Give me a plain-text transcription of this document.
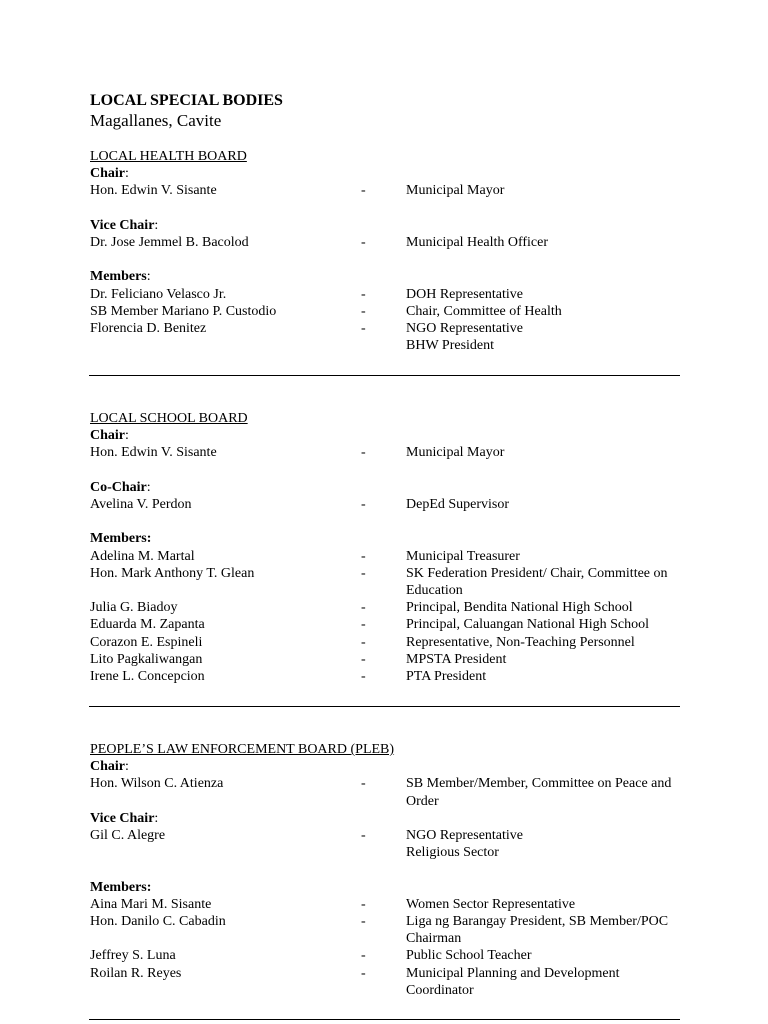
LOCAL SPECIAL BODIES
Magallanes, Cavite
LOCAL HEALTH BOARD
Chair:
Hon. Edwin V. Sisante	-	Municipal Mayor
Vice Chair:
Dr. Jose Jemmel B. Bacolod	-	Municipal Health Officer
Members:
Dr. Feliciano Velasco Jr.	-	DOH Representative
SB Member Mariano P. Custodio	-	Chair, Committee of Health
Florencia D. Benitez	-	NGO Representative
BHW President
LOCAL SCHOOL BOARD
Chair:
Hon. Edwin V. Sisante	-	Municipal Mayor
Co-Chair:
Avelina V. Perdon	-	DepEd Supervisor
Members:
Adelina M. Martal	-	Municipal Treasurer
Hon. Mark Anthony T. Glean	-	SK Federation President/ Chair, Committee on Education
Julia G. Biadoy	-	Principal, Bendita National High School
Eduarda M. Zapanta	-	Principal, Caluangan National High School
Corazon E. Espineli	-	Representative, Non-Teaching Personnel
Lito Pagkaliwangan	-	MPSTA President
Irene L. Concepcion	-	PTA President
PEOPLE’S LAW ENFORCEMENT BOARD (PLEB)
Chair:
Hon. Wilson C. Atienza	-	SB Member/Member, Committee on Peace and Order
Vice Chair:
Gil C. Alegre	-	NGO Representative
Religious Sector
Members:
Aina Mari M. Sisante	-	Women Sector Representative
Hon. Danilo C. Cabadin	-	Liga ng Barangay President, SB Member/POC Chairman
Jeffrey S. Luna	-	Public School Teacher
Roilan R. Reyes	-	Municipal Planning and Development Coordinator
